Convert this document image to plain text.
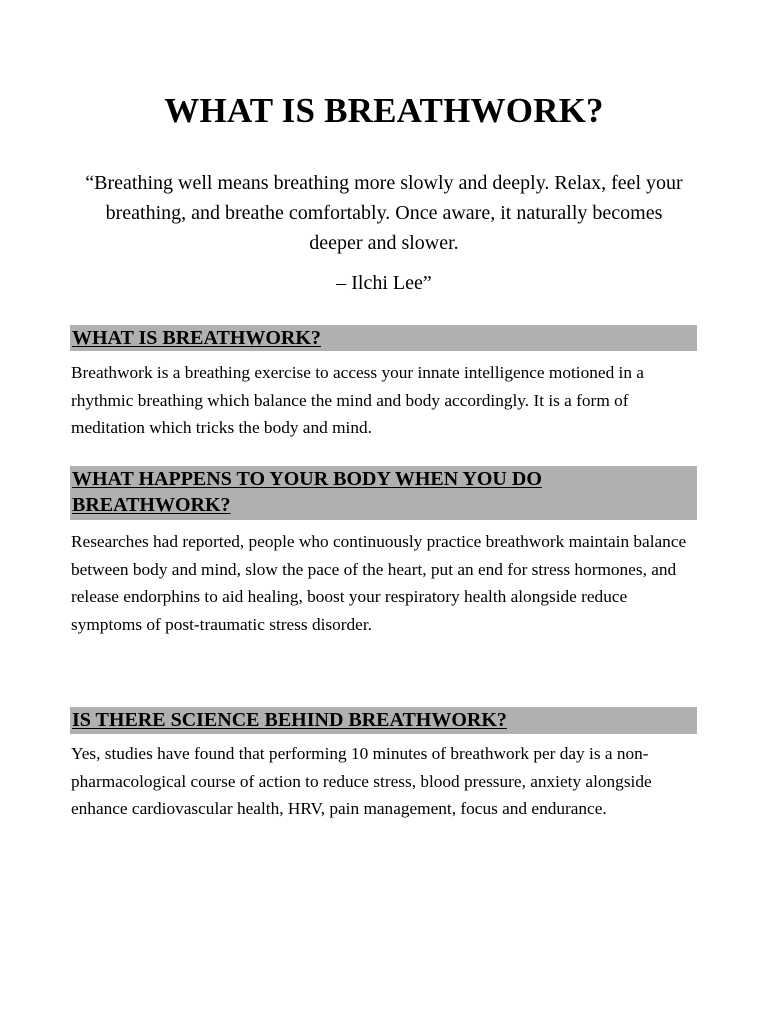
WHAT IS BREATHWORK?

“Breathing well means breathing more slowly and deeply. Relax, feel your breathing, and breathe comfortably. Once aware, it naturally becomes deeper and slower.

– Ilchi Lee”

WHAT IS BREATHWORK?

Breathwork is a breathing exercise to access your innate intelligence motioned in a rhythmic breathing which balance the mind and body accordingly. It is a form of meditation which tricks the body and mind.

WHAT HAPPENS TO YOUR BODY WHEN YOU DO BREATHWORK?

Researches had reported, people who continuously practice breathwork maintain balance between body and mind, slow the pace of the heart, put an end for stress hormones, and release endorphins to aid healing, boost your respiratory health alongside reduce symptoms of post-traumatic stress disorder.

IS THERE SCIENCE BEHIND BREATHWORK?

Yes, studies have found that performing 10 minutes of breathwork per day is a non-pharmacological course of action to reduce stress, blood pressure, anxiety alongside enhance cardiovascular health, HRV, pain management, focus and endurance.
